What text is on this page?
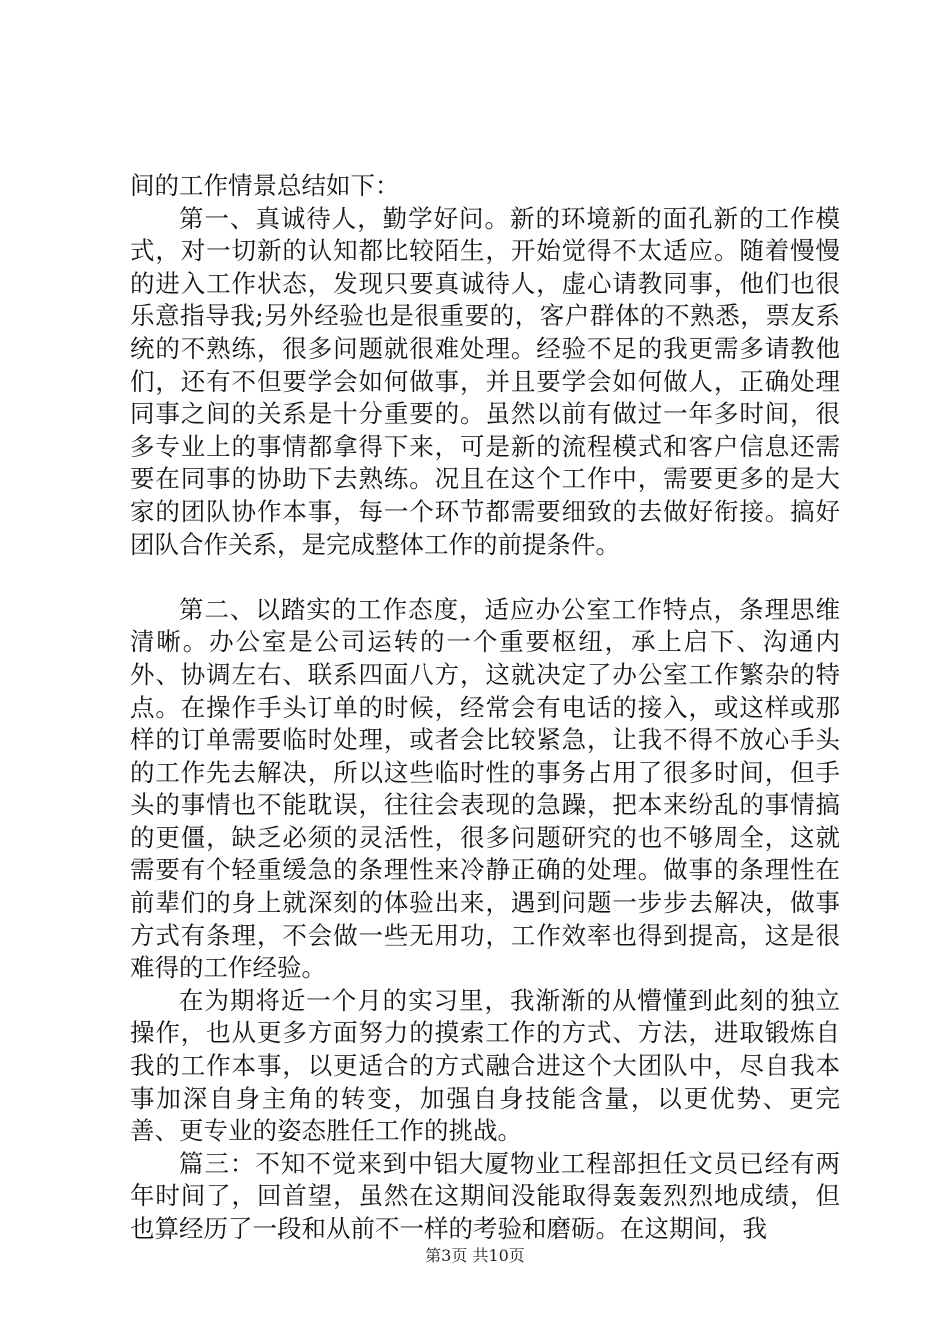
间的工作情景总结如下：

第一、真诚待人，勤学好问。新的环境新的面孔新的工作模式，对一切新的认知都比较陌生，开始觉得不太适应。随着慢慢的进入工作状态，发现只要真诚待人，虚心请教同事，他们也很乐意指导我;另外经验也是很重要的，客户群体的不熟悉，票友系统的不熟练，很多问题就很难处理。经验不足的我更需多请教他们，还有不但要学会如何做事，并且要学会如何做人，正确处理同事之间的关系是十分重要的。虽然以前有做过一年多时间，很多专业上的事情都拿得下来，可是新的流程模式和客户信息还需要在同事的协助下去熟练。况且在这个工作中，需要更多的是大家的团队协作本事，每一个环节都需要细致的去做好衔接。搞好团队合作关系，是完成整体工作的前提条件。

第二、以踏实的工作态度，适应办公室工作特点，条理思维清晰。办公室是公司运转的一个重要枢纽，承上启下、沟通内外、协调左右、联系四面八方，这就决定了办公室工作繁杂的特点。在操作手头订单的时候，经常会有电话的接入，或这样或那样的订单需要临时处理，或者会比较紧急，让我不得不放心手头的工作先去解决，所以这些临时性的事务占用了很多时间，但手头的事情也不能耽误，往往会表现的急躁，把本来纷乱的事情搞的更僵，缺乏必须的灵活性，很多问题研究的也不够周全，这就需要有个轻重缓急的条理性来冷静正确的处理。做事的条理性在前辈们的身上就深刻的体验出来，遇到问题一步步去解决，做事方式有条理，不会做一些无用功，工作效率也得到提高，这是很难得的工作经验。

在为期将近一个月的实习里，我渐渐的从懵懂到此刻的独立操作，也从更多方面努力的摸索工作的方式、方法，进取锻炼自我的工作本事，以更适合的方式融合进这个大团队中，尽自我本事加深自身主角的转变，加强自身技能含量，以更优势、更完善、更专业的姿态胜任工作的挑战。

篇三：不知不觉来到中铝大厦物业工程部担任文员已经有两年时间了，回首望，虽然在这期间没能取得轰轰烈烈地成绩，但也算经历了一段和从前不一样的考验和磨砺。在这期间，我

第3页 共10页
